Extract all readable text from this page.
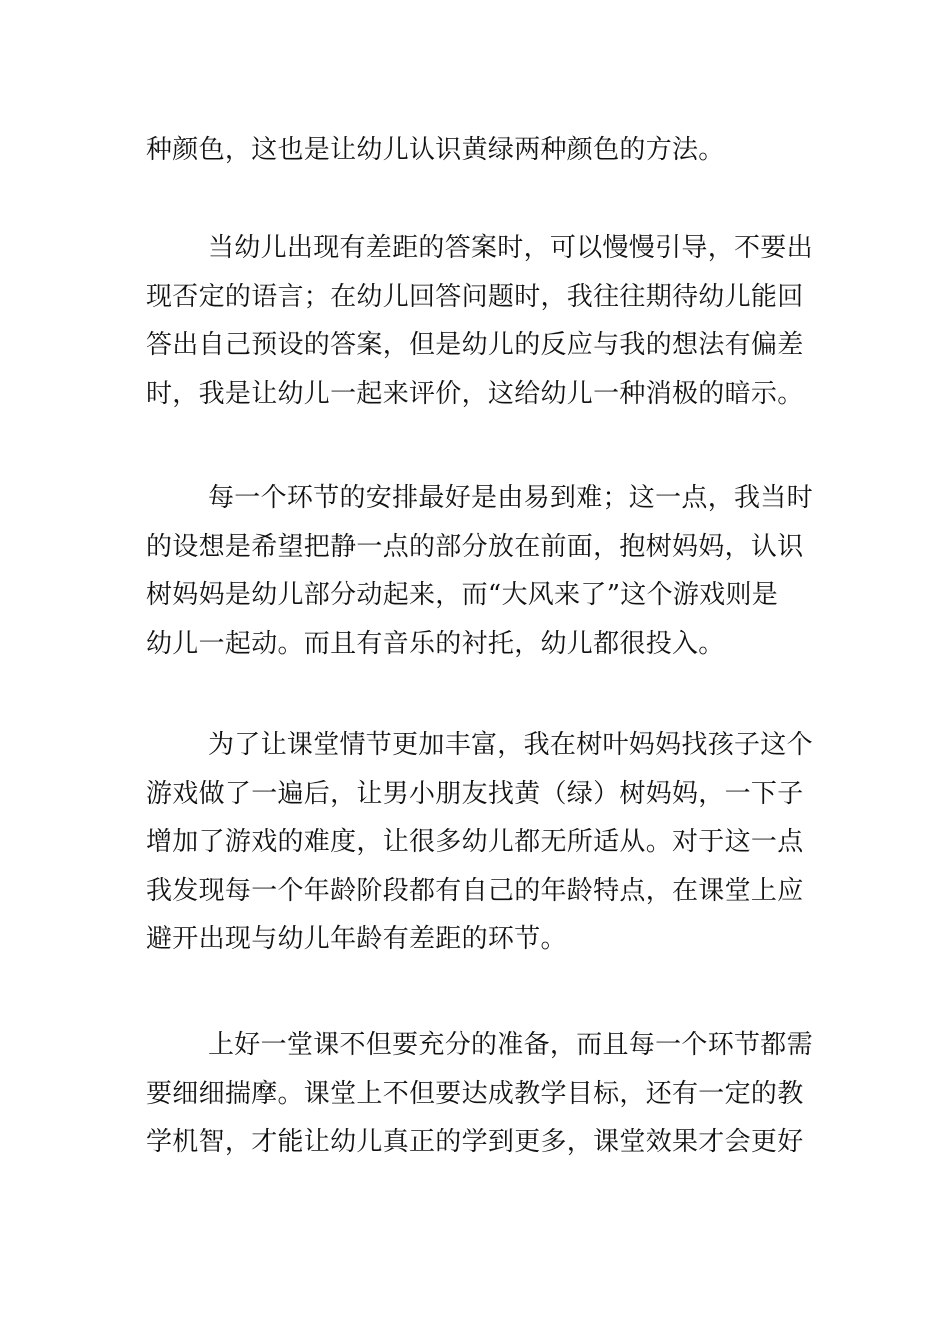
种颜色，这也是让幼儿认识黄绿两种颜色的方法。

当幼儿出现有差距的答案时，可以慢慢引导，不要出
现否定的语言；在幼儿回答问题时，我往往期待幼儿能回
答出自己预设的答案，但是幼儿的反应与我的想法有偏差
时，我是让幼儿一起来评价，这给幼儿一种消极的暗示。

每一个环节的安排最好是由易到难；这一点，我当时
的设想是希望把静一点的部分放在前面，抱树妈妈，认识
树妈妈是幼儿部分动起来，而“大风来了”这个游戏则是
幼儿一起动。而且有音乐的衬托，幼儿都很投入。

为了让课堂情节更加丰富，我在树叶妈妈找孩子这个
游戏做了一遍后，让男小朋友找黄（绿）树妈妈，一下子
增加了游戏的难度，让很多幼儿都无所适从。对于这一点
我发现每一个年龄阶段都有自己的年龄特点，在课堂上应
避开出现与幼儿年龄有差距的环节。

上好一堂课不但要充分的准备，而且每一个环节都需
要细细揣摩。课堂上不但要达成教学目标，还有一定的教
学机智，才能让幼儿真正的学到更多，课堂效果才会更好
